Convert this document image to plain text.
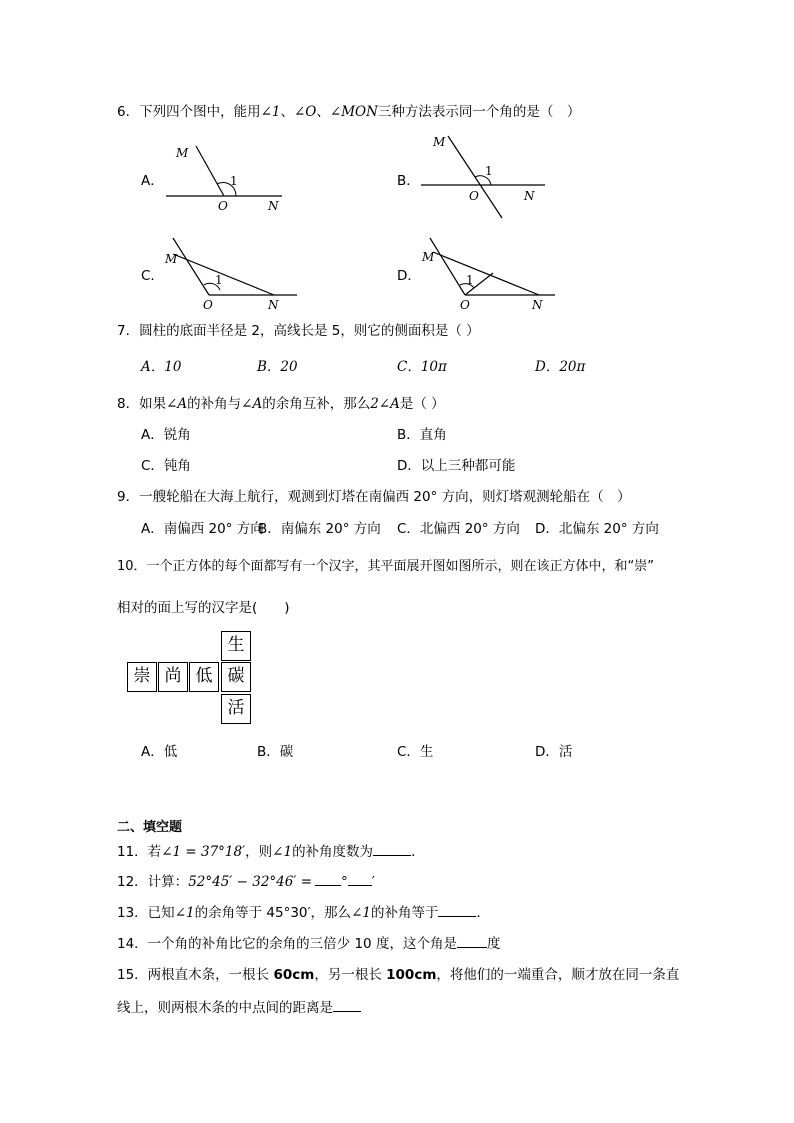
6．下列四个图中，能用∠1、∠O、∠MON三种方法表示同一个角的是（　）
A．
M
1
O	N
B．
M
1
O	N
C．
M
1
O	N
D．
M
1
O	N
7．圆柱的底面半径是 2，高线长是 5，则它的侧面积是（ ）
A．10	B．20	C．10π	D．20π
8．如果∠A的补角与∠A的余角互补，那么2∠A是（ ）
A．锐角	B．直角
C．钝角	D．以上三种都可能
9．一艘轮船在大海上航行，观测到灯塔在南偏西 20° 方向，则灯塔观测轮船在（　）
A．南偏西 20° 方向
B．南偏东 20° 方向 C．北偏西 20° 方向 D．北偏东 20° 方向
10．一个正方体的每个面都写有一个汉字，其平面展开图如图所示，则在该正方体中，和“崇”
相对的面上写的汉字是(　　)
生
崇 尚 低 碳
活
A．低	B．碳	C．生	D．活
二、填空题
11．若∠1 = 37°18′，则∠1的补角度数为	．
12．计算：52°45′ − 32°46′ = ° ′
13．已知∠1的余角等于 45°30′，那么∠1的补角等于	．
14．一个角的补角比它的余角的三倍少 10 度，这个角是 度
15．两根直木条，一根长 60cm，另一根长 100cm，将他们的一端重合，顺才放在同一条直
线上，则两根木条的中点间的距离是
